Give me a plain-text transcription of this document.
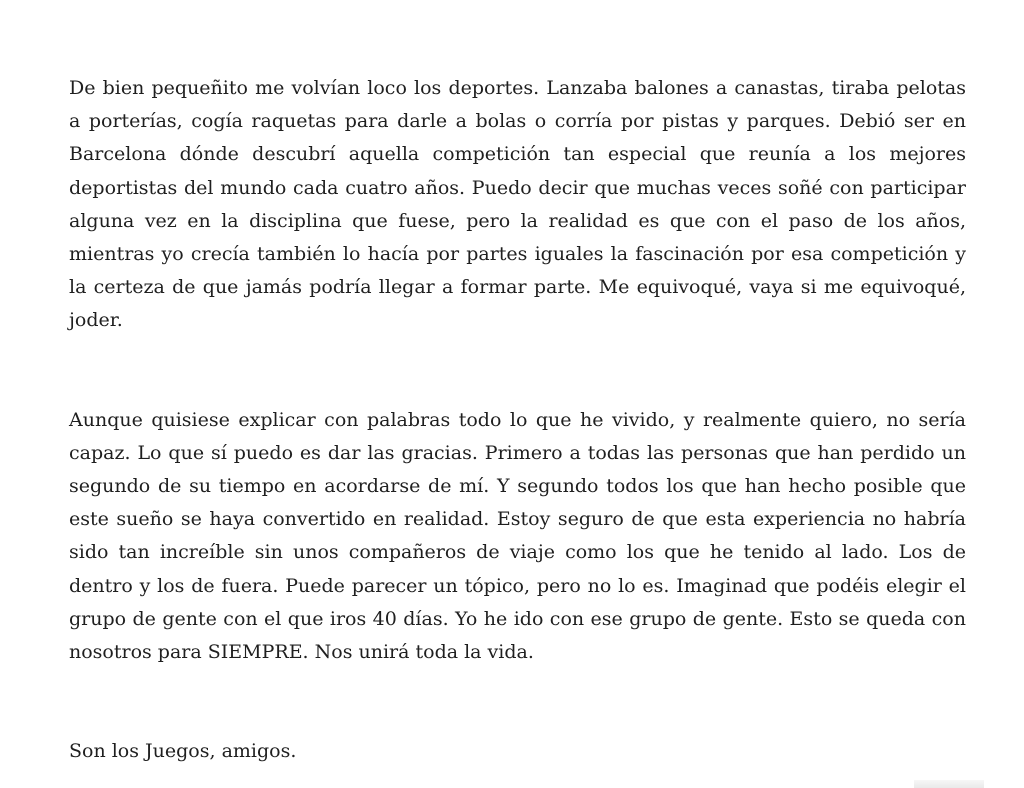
De bien pequeñito me volvían loco los deportes. Lanzaba balones a canastas, tiraba pelotas a porterías, cogía raquetas para darle a bolas o corría por pistas y parques. Debió ser en Barcelona dónde descubrí aquella competición tan especial que reunía a los mejores deportistas del mundo cada cuatro años. Puedo decir que muchas veces soñé con participar alguna vez en la disciplina que fuese, pero la realidad es que con el paso de los años, mientras yo crecía también lo hacía por partes iguales la fascinación por esa competición y la certeza de que jamás podría llegar a formar parte. Me equivoqué, vaya si me equivoqué, joder.

Aunque quisiese explicar con palabras todo lo que he vivido, y realmente quiero, no sería capaz. Lo que sí puedo es dar las gracias. Primero a todas las personas que han perdido un segundo de su tiempo en acordarse de mí. Y segundo todos los que han hecho posible que este sueño se haya convertido en realidad. Estoy seguro de que esta experiencia no habría sido tan increíble sin unos compañeros de viaje como los que he tenido al lado. Los de dentro y los de fuera. Puede parecer un tópico, pero no lo es. Imaginad que podéis elegir el grupo de gente con el que iros 40 días. Yo he ido con ese grupo de gente. Esto se queda con nosotros para SIEMPRE. Nos unirá toda la vida.

Son los Juegos, amigos.
